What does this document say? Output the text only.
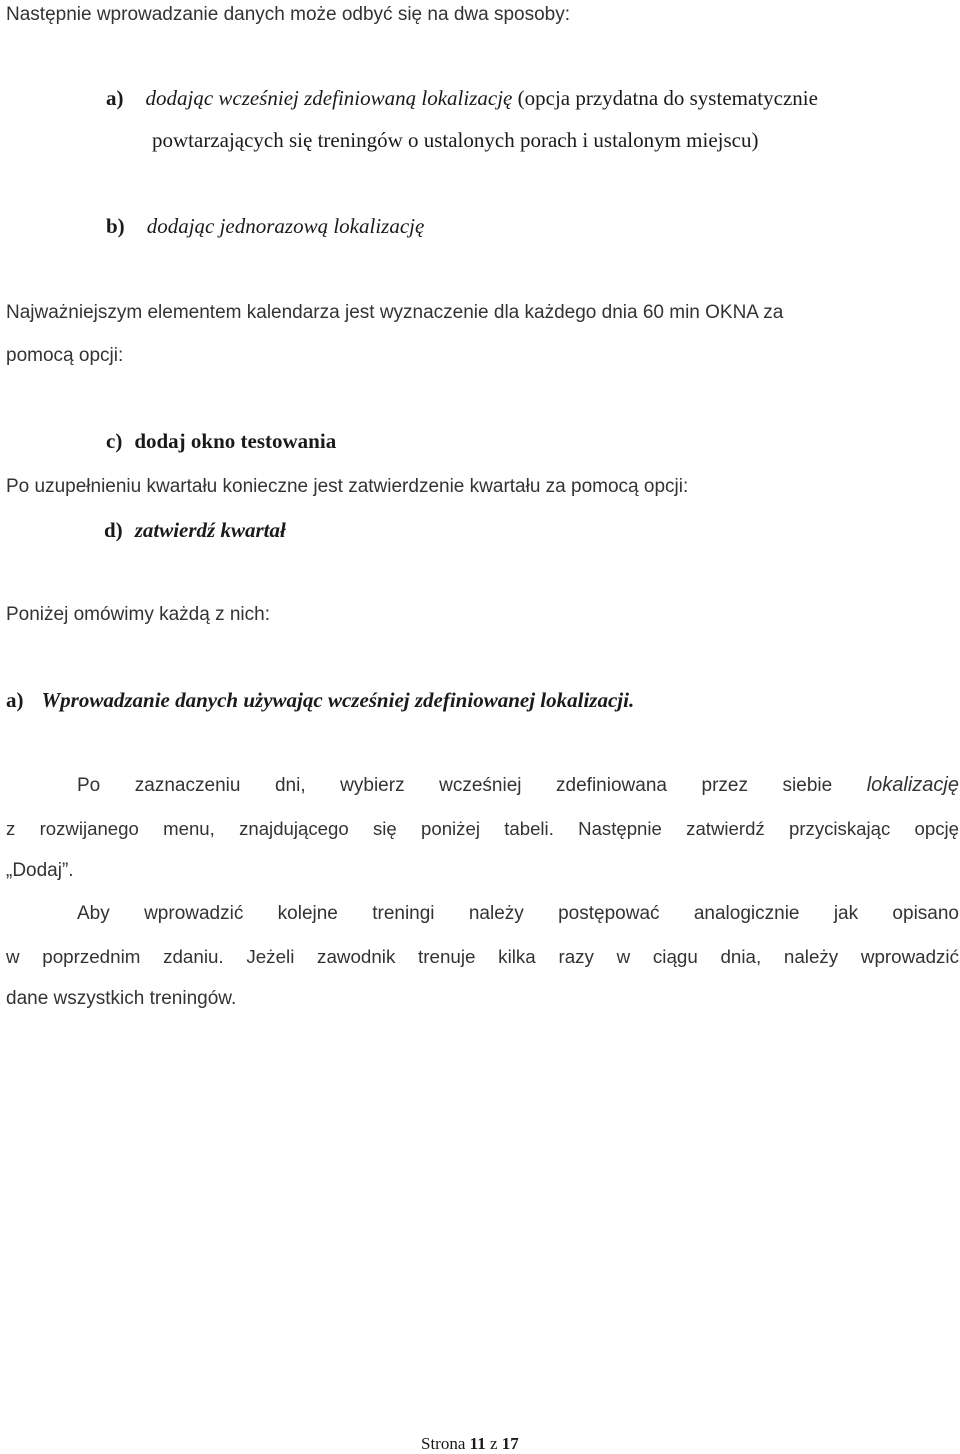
Następnie wprowadzanie danych może odbyć się na dwa sposoby:

a) dodając wcześniej zdefiniowaną lokalizację (opcja przydatna do systematycznie

powtarzających się treningów o ustalonych porach i ustalonym miejscu)

b) dodając jednorazową lokalizację

Najważniejszym elementem kalendarza jest wyznaczenie dla każdego dnia 60 min OKNA za

pomocą opcji:

c) dodaj okno testowania

Po uzupełnieniu kwartału konieczne jest zatwierdzenie kwartału za pomocą opcji:

d) zatwierdź kwartał

Poniżej omówimy każdą z nich:

a) Wprowadzanie danych używając wcześniej zdefiniowanej lokalizacji.

Po zaznaczeniu dni, wybierz wcześniej zdefiniowana przez siebie lokalizację

z rozwijanego menu, znajdującego się poniżej tabeli. Następnie zatwierdź przyciskając opcję

„Dodaj”.

Aby wprowadzić kolejne treningi należy postępować analogicznie jak opisano

w poprzednim zdaniu. Jeżeli zawodnik trenuje kilka razy w ciągu dnia, należy wprowadzić

dane wszystkich treningów.

Strona 11 z 17
